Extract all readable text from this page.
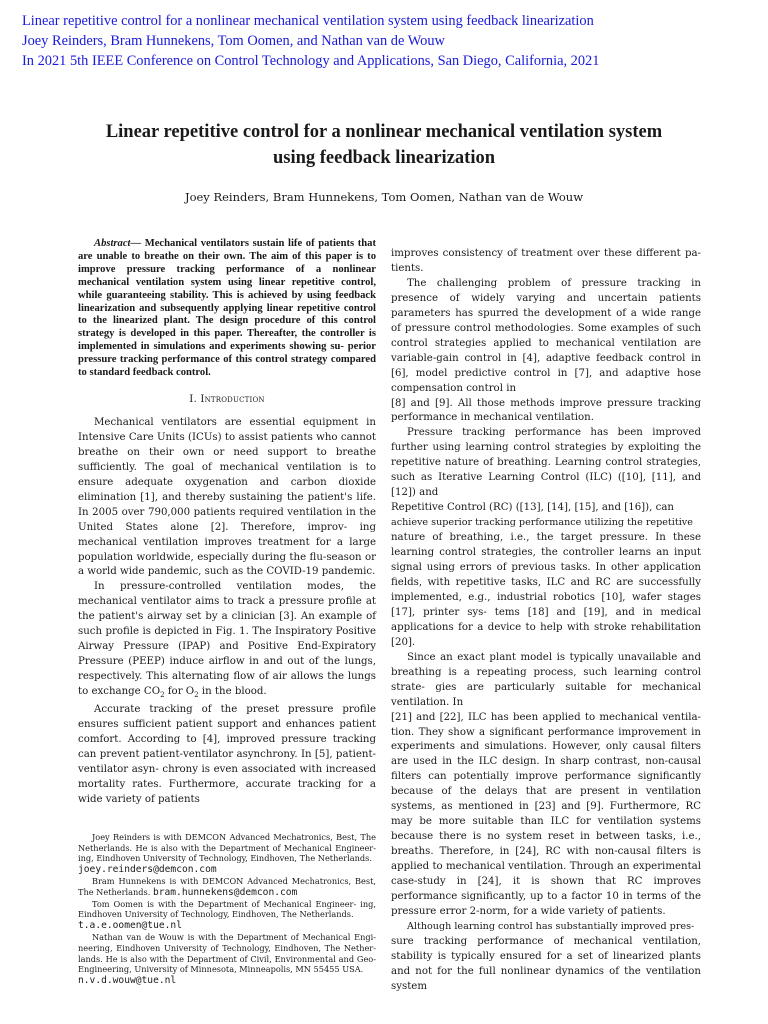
Linear repetitive control for a nonlinear mechanical ventilation system using feedback linearization
Joey Reinders, Bram Hunnekens, Tom Oomen, and Nathan van de Wouw
In 2021 5th IEEE Conference on Control Technology and Applications, San Diego, California, 2021
Linear repetitive control for a nonlinear mechanical ventilation system
using feedback linearization
Joey Reinders, Bram Hunnekens, Tom Oomen, Nathan van de Wouw

Abstract— Mechanical ventilators sustain life of patients that are unable to breathe on their own. The aim of this paper is to improve pressure tracking performance of a nonlinear mechanical ventilation system using linear repetitive control, while guaranteeing stability. This is achieved by using feedback linearization and subsequently applying linear repetitive control to the linearized plant. The design procedure of this control strategy is developed in this paper. Thereafter, the controller is implemented in simulations and experiments showing su- perior pressure tracking performance of this control strategy compared to standard feedback control.

I. Introduction

Mechanical ventilators are essential equipment in Intensive Care Units (ICUs) to assist patients who cannot breathe on their own or need support to breathe sufficiently. The goal of mechanical ventilation is to ensure adequate oxygenation and carbon dioxide elimination [1], and thereby sustaining the patient's life. In 2005 over 790,000 patients required ventilation in the United States alone [2]. Therefore, improv- ing mechanical ventilation improves treatment for a large population worldwide, especially during the flu-season or a world wide pandemic, such as the COVID-19 pandemic.

In pressure-controlled ventilation modes, the mechanical ventilator aims to track a pressure profile at the patient's airway set by a clinician [3]. An example of such profile is depicted in Fig. 1. The Inspiratory Positive Airway Pressure (IPAP) and Positive End-Expiratory Pressure (PEEP) induce airflow in and out of the lungs, respectively. This alternating flow of air allows the lungs to exchange $CO_2$ for $O_2$ in the blood.

Accurate tracking of the preset pressure profile ensures sufficient patient support and enhances patient comfort. According to [4], improved pressure tracking can prevent patient-ventilator asynchrony. In [5], patient-ventilator asyn- chrony is even associated with increased mortality rates. Furthermore, accurate tracking for a wide variety of patients

Joey Reinders is with DEMCON Advanced Mechatronics, Best, The Netherlands. He is also with the Department of Mechanical Engineer- ing, Eindhoven University of Technology, Eindhoven, The Netherlands.
joey.reinders@demcon.com

Bram Hunnekens is with DEMCON Advanced Mechatronics, Best, The Netherlands. bram.hunnekens@demcon.com

Tom Oomen is with the Department of Mechanical Engineer- ing, Eindhoven University of Technology, Eindhoven, The Netherlands.
t.a.e.oomen@tue.nl

Nathan van de Wouw is with the Department of Mechanical Engi- neering, Eindhoven University of Technology, Eindhoven, The Nether- lands. He is also with the Department of Civil, Environmental and Geo- Engineering, University of Minnesota, Minneapolis, MN 55455 USA.
n.v.d.wouw@tue.nl

improves consistency of treatment over these different pa- tients.

The challenging problem of pressure tracking in presence of widely varying and uncertain patients parameters has spurred the development of a wide range of pressure control methodologies. Some examples of such control strategies applied to mechanical ventilation are variable-gain control in [4], adaptive feedback control in [6], model predictive control in [7], and adaptive hose compensation control in

[8] and [9]. All those methods improve pressure tracking performance in mechanical ventilation.

Pressure tracking performance has been improved further using learning control strategies by exploiting the repetitive nature of breathing. Learning control strategies, such as Iterative Learning Control (ILC) ([10], [11], and [12]) and

Repetitive Control (RC) ([13], [14], [15], and [16]), can

achieve superior tracking performance utilizing the repetitive

nature of breathing, i.e., the target pressure. In these learning control strategies, the controller learns an input signal using errors of previous tasks. In other application fields, with repetitive tasks, ILC and RC are successfully implemented, e.g., industrial robotics [10], wafer stages [17], printer sys- tems [18] and [19], and in medical applications for a device to help with stroke rehabilitation [20].

Since an exact plant model is typically unavailable and breathing is a repeating process, such learning control strate- gies are particularly suitable for mechanical ventilation. In

[21] and [22], ILC has been applied to mechanical ventila- tion. They show a significant performance improvement in experiments and simulations. However, only causal filters are used in the ILC design. In sharp contrast, non-causal filters can potentially improve performance significantly because of the delays that are present in ventilation systems, as mentioned in [23] and [9]. Furthermore, RC may be more suitable than ILC for ventilation systems because there is no system reset in between tasks, i.e., breaths. Therefore, in [24], RC with non-causal filters is applied to mechanical ventilation. Through an experimental case-study in [24], it is shown that RC improves performance significantly, up to a factor 10 in terms of the pressure error 2-norm, for a wide variety of patients.

Although learning control has substantially improved pres-

sure tracking performance of mechanical ventilation, stability is typically ensured for a set of linearized plants and not for the full nonlinear dynamics of the ventilation system
